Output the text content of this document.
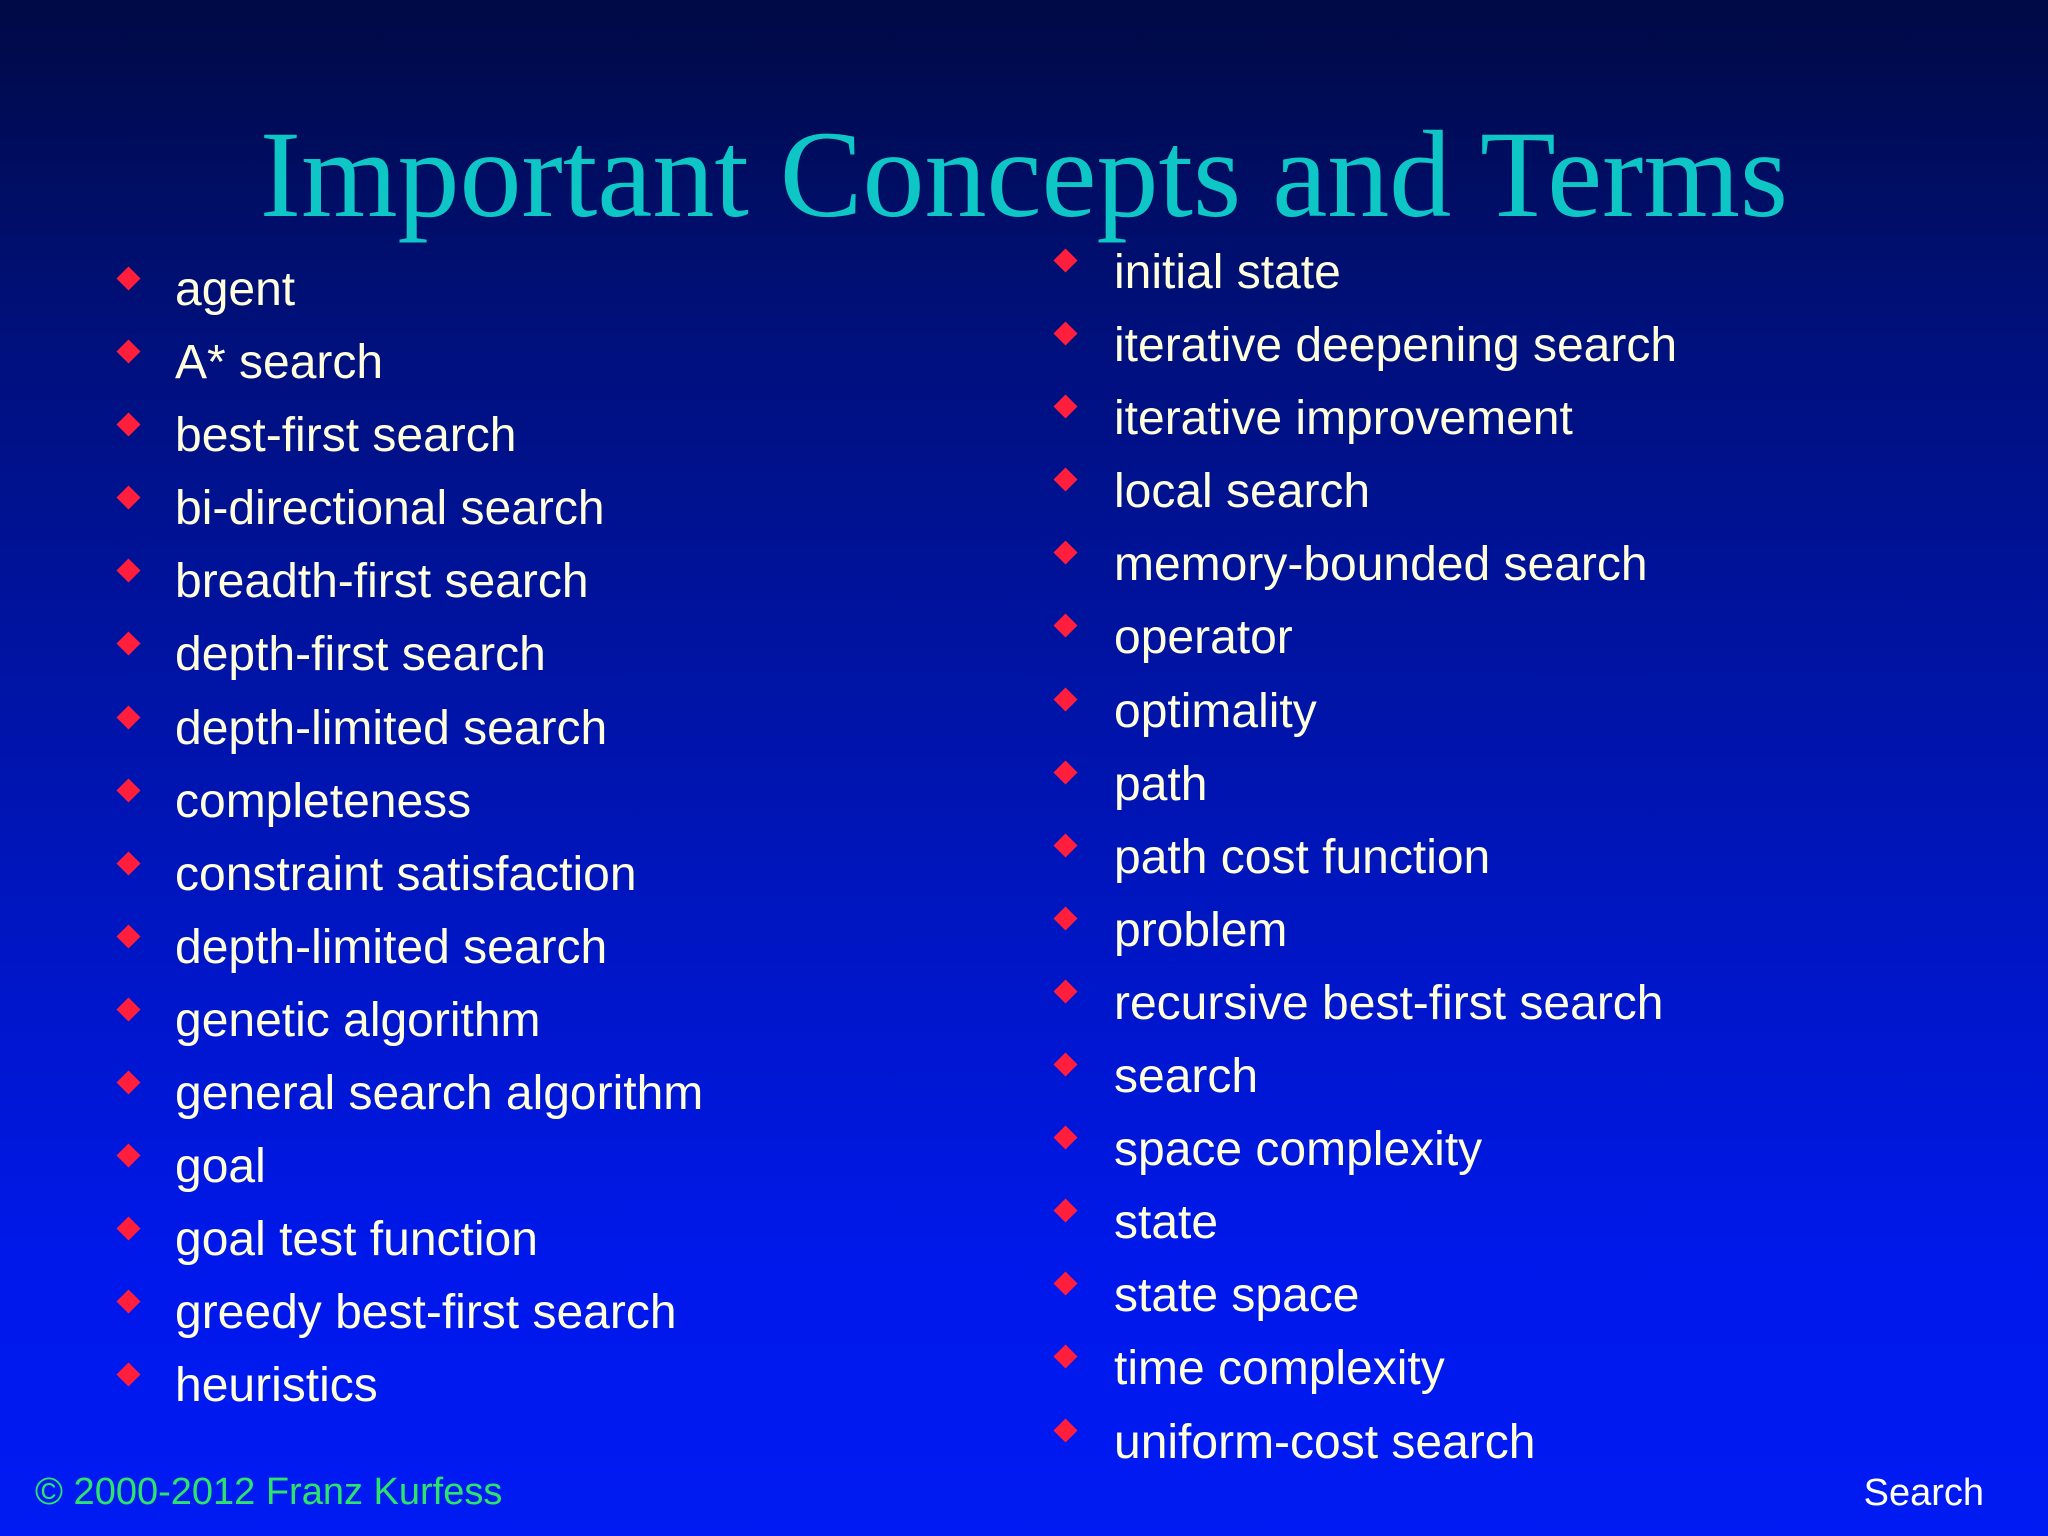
Important Concepts and Terms
agent
A* search
best-first search
bi-directional search
breadth-first search
depth-first search
depth-limited search
completeness
constraint satisfaction
depth-limited search
genetic algorithm
general search algorithm
goal
goal test function
greedy best-first search
heuristics
initial state
iterative deepening search
iterative improvement
local search
memory-bounded search
operator
optimality
path
path cost function
problem
recursive best-first search
search
space complexity
state
state space
time complexity
uniform-cost search
© 2000-2012 Franz Kurfess	Search
